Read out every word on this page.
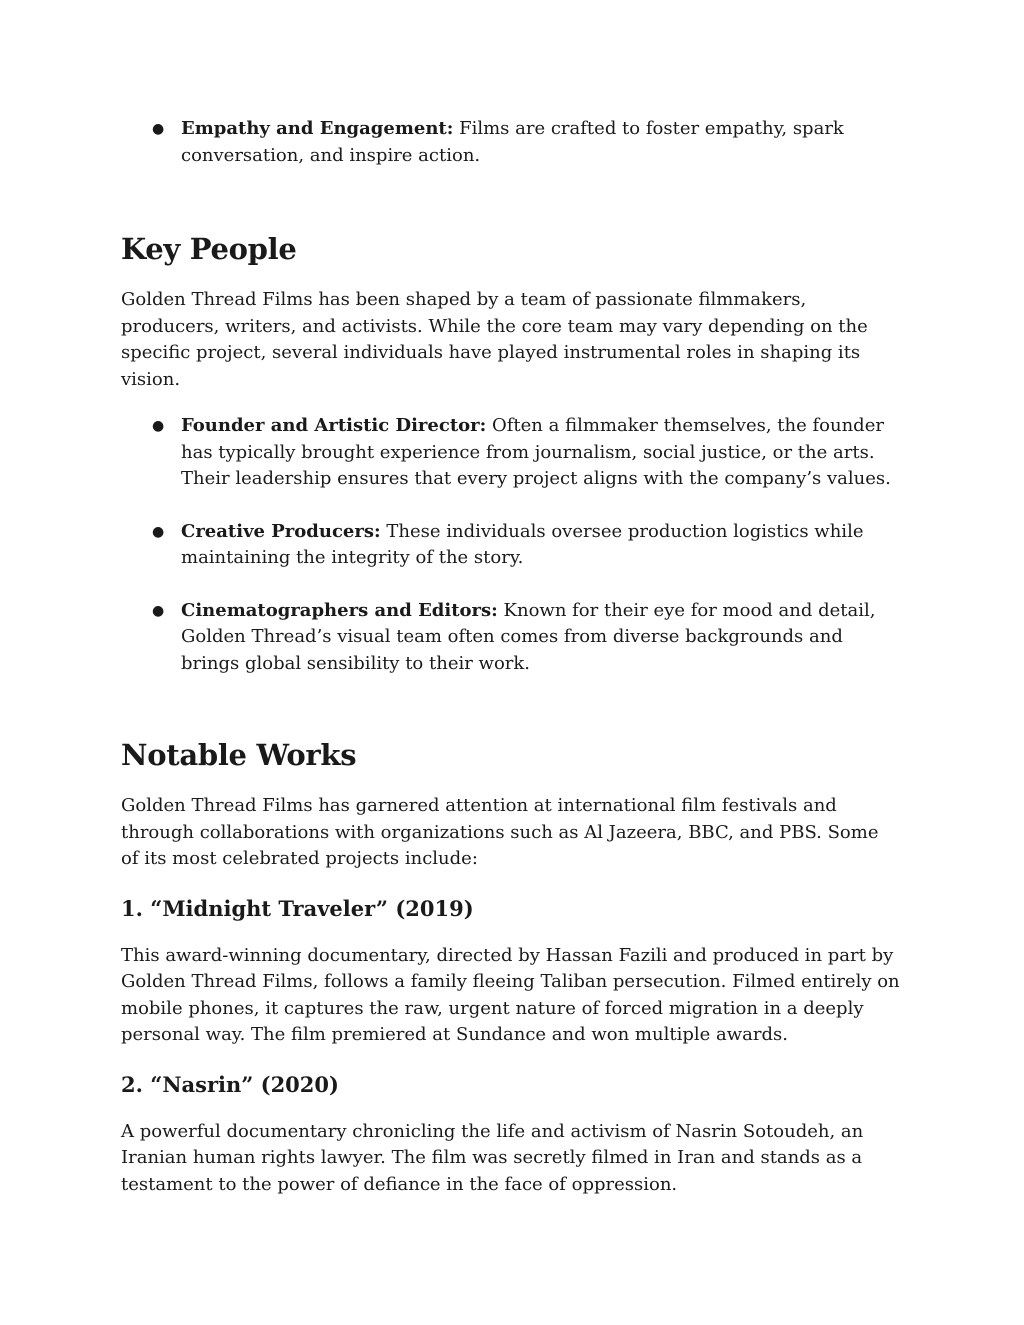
● Empathy and Engagement: Films are crafted to foster empathy, spark conversation, and inspire action.
Key People

Golden Thread Films has been shaped by a team of passionate filmmakers, producers, writers, and activists. While the core team may vary depending on the specific project, several individuals have played instrumental roles in shaping its vision.

● Founder and Artistic Director: Often a filmmaker themselves, the founder has typically brought experience from journalism, social justice, or the arts. Their leadership ensures that every project aligns with the company’s values.
● Creative Producers: These individuals oversee production logistics while maintaining the integrity of the story.
● Cinematographers and Editors: Known for their eye for mood and detail, Golden Thread’s visual team often comes from diverse backgrounds and brings global sensibility to their work.
Notable Works

Golden Thread Films has garnered attention at international film festivals and through collaborations with organizations such as Al Jazeera, BBC, and PBS. Some of its most celebrated projects include:

1. “Midnight Traveler” (2019)

This award-winning documentary, directed by Hassan Fazili and produced in part by Golden Thread Films, follows a family fleeing Taliban persecution. Filmed entirely on mobile phones, it captures the raw, urgent nature of forced migration in a deeply personal way. The film premiered at Sundance and won multiple awards.

2. “Nasrin” (2020)

A powerful documentary chronicling the life and activism of Nasrin Sotoudeh, an Iranian human rights lawyer. The film was secretly filmed in Iran and stands as a testament to the power of defiance in the face of oppression.
